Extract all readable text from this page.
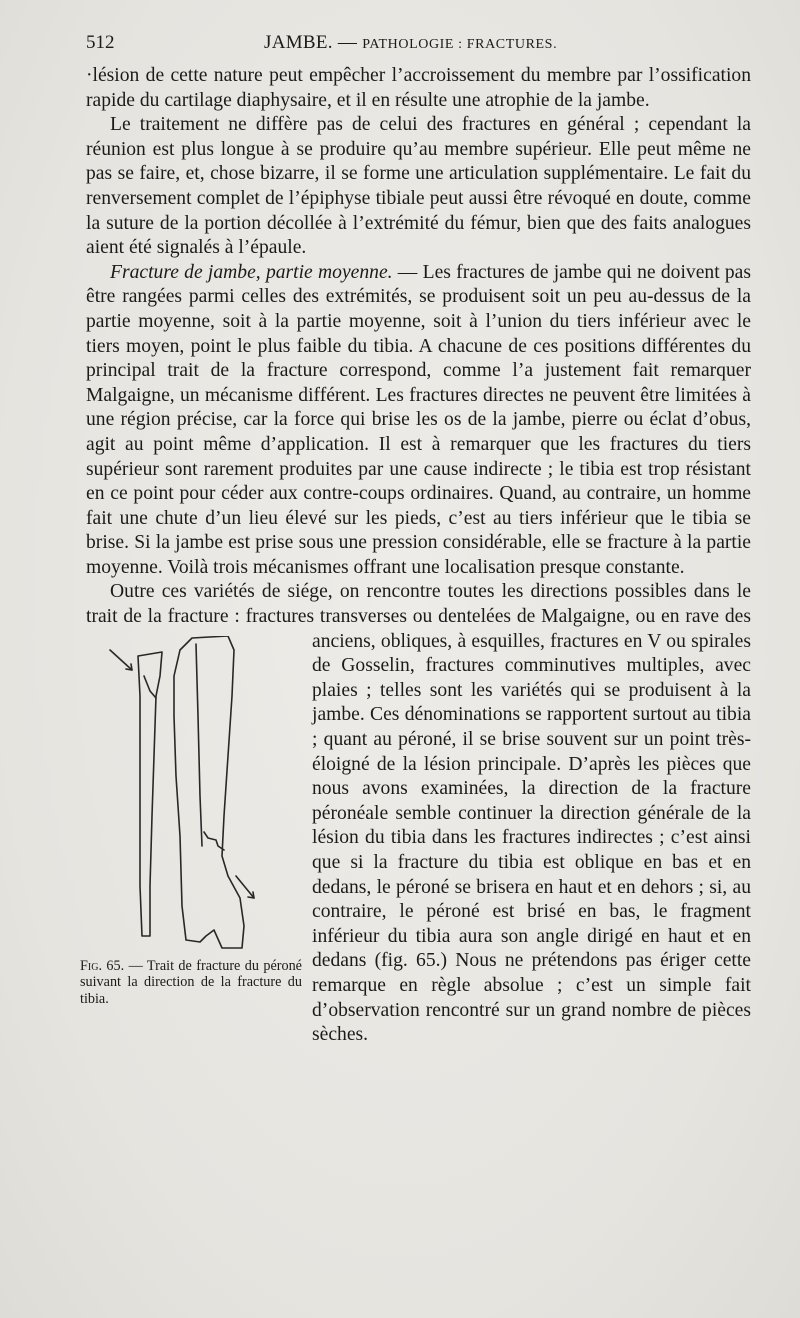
512	JAMBE. — PATHOLOGIE : FRACTURES.

·lésion de cette nature peut empêcher l’accroissement du membre par l’ossification rapide du cartilage diaphysaire, et il en résulte une atrophie de la jambe.

Le traitement ne diffère pas de celui des fractures en général ; cependant la réunion est plus longue à se produire qu’au membre supérieur. Elle peut même ne pas se faire, et, chose bizarre, il se forme une articulation supplémentaire. Le fait du renversement complet de l’épiphyse tibiale peut aussi être révoqué en doute, comme la suture de la portion décollée à l’extrémité du fémur, bien que des faits analogues aient été signalés à l’épaule.

Fracture de jambe, partie moyenne. — Les fractures de jambe qui ne doivent pas être rangées parmi celles des extrémités, se produisent soit un peu au-dessus de la partie moyenne, soit à la partie moyenne, soit à l’union du tiers inférieur avec le tiers moyen, point le plus faible du tibia. A chacune de ces positions différentes du principal trait de la fracture correspond, comme l’a justement fait remarquer Malgaigne, un mécanisme différent. Les fractures directes ne peuvent être limitées à une région précise, car la force qui brise les os de la jambe, pierre ou éclat d’obus, agit au point même d’application. Il est à remarquer que les fractures du tiers supérieur sont rarement produites par une cause indirecte ; le tibia est trop résistant en ce point pour céder aux contre-coups ordinaires. Quand, au contraire, un homme fait une chute d’un lieu élevé sur les pieds, c’est au tiers inférieur que le tibia se brise. Si la jambe est prise sous une pression considérable, elle se fracture à la partie moyenne. Voilà trois mécanismes offrant une localisation presque constante.

Outre ces variétés de siége, on rencontre toutes les directions possibles dans le trait de la fracture : fractures transverses ou dentelées de Malgaigne, ou en rave des anciens, obliques, à esquilles, fractures en V ou
Fig. 65. — Trait de fracture du péroné suivant la direction de la fracture du tibia.
spirales de Gosselin, fractures comminutives multiples, avec plaies ; telles sont les variétés qui se produisent à la jambe. Ces dénominations se rapportent surtout au tibia ; quant au péroné, il se brise souvent sur un point très-éloigné de la lésion principale. D’après les pièces que nous avons examinées, la direction de la fracture péronéale semble continuer la direction générale de la lésion du tibia dans les fractures indirectes ; c’est ainsi que si la fracture du tibia est oblique en bas et en dedans, le péroné se brisera en haut et en dehors ; si, au contraire, le péroné est brisé en bas, le fragment inférieur du tibia aura son angle dirigé en haut et en dedans (fig. 65.) Nous ne prétendons pas ériger cette remarque en règle absolue ; c’est un simple fait d’observation rencontré sur un grand nombre de pièces sèches.
